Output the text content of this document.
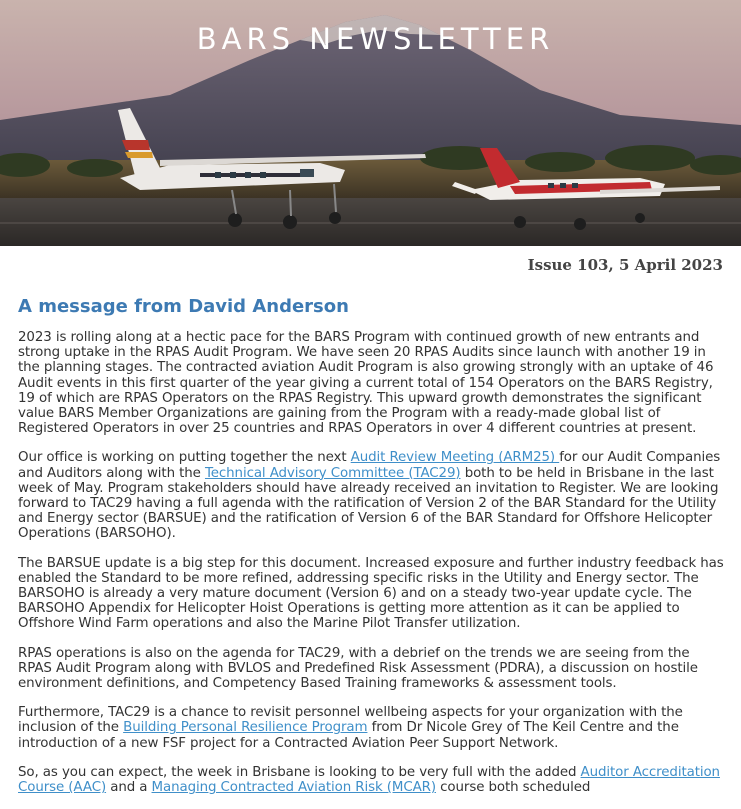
BARS NEWSLETTER
Issue 103, 5 April 2023
A message from David Anderson

2023 is rolling along at a hectic pace for the BARS Program with continued growth of new entrants and strong uptake in the RPAS Audit Program. We have seen 20 RPAS Audits since launch with another 19 in the planning stages. The contracted aviation Audit Program is also growing strongly with an uptake of 46 Audit events in this first quarter of the year giving a current total of 154 Operators on the BARS Registry, 19 of which are RPAS Operators on the RPAS Registry. This upward growth demonstrates the significant value BARS Member Organizations are gaining from the Program with a ready-made global list of Registered Operators in over 25 countries and RPAS Operators in over 4 different countries at present.

Our office is working on putting together the next Audit Review Meeting (ARM25) for our Audit Companies and Auditors along with the Technical Advisory Committee (TAC29) both to be held in Brisbane in the last week of May. Program stakeholders should have already received an invitation to Register. We are looking forward to TAC29 having a full agenda with the ratification of Version 2 of the BAR Standard for the Utility and Energy sector (BARSUE) and the ratification of Version 6 of the BAR Standard for Offshore Helicopter Operations (BARSOHO).

The BARSUE update is a big step for this document. Increased exposure and further industry feedback has enabled the Standard to be more refined, addressing specific risks in the Utility and Energy sector. The BARSOHO is already a very mature document (Version 6) and on a steady two-year update cycle. The BARSOHO Appendix for Helicopter Hoist Operations is getting more attention as it can be applied to Offshore Wind Farm operations and also the Marine Pilot Transfer utilization.

RPAS operations is also on the agenda for TAC29, with a debrief on the trends we are seeing from the RPAS Audit Program along with BVLOS and Predefined Risk Assessment (PDRA), a discussion on hostile environment definitions, and Competency Based Training frameworks & assessment tools.

Furthermore, TAC29 is a chance to revisit personnel wellbeing aspects for your organization with the inclusion of the Building Personal Resilience Program from Dr Nicole Grey of The Keil Centre and the introduction of a new FSF project for a Contracted Aviation Peer Support Network.

So, as you can expect, the week in Brisbane is looking to be very full with the added Auditor Accreditation Course (AAC) and a Managing Contracted Aviation Risk (MCAR) course both scheduled
